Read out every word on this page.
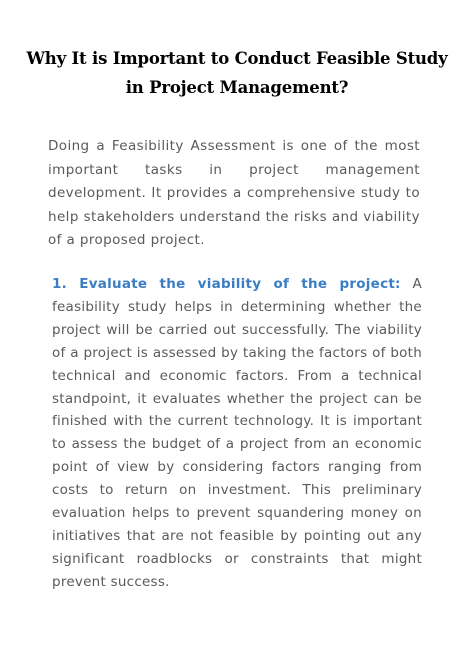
Why It is Important to Conduct Feasible Study in Project Management?

Doing a Feasibility Assessment is one of the most important tasks in project management development. It provides a comprehensive study to help stakeholders understand the risks and viability of a proposed project.

1. Evaluate the viability of the project: A feasibility study helps in determining whether the project will be carried out successfully. The viability of a project is assessed by taking the factors of both technical and economic factors. From a technical standpoint, it evaluates whether the project can be finished with the current technology. It is important to assess the budget of a project from an economic point of view by considering factors ranging from costs to return on investment. This preliminary evaluation helps to prevent squandering money on initiatives that are not feasible by pointing out any significant roadblocks or constraints that might prevent success.
